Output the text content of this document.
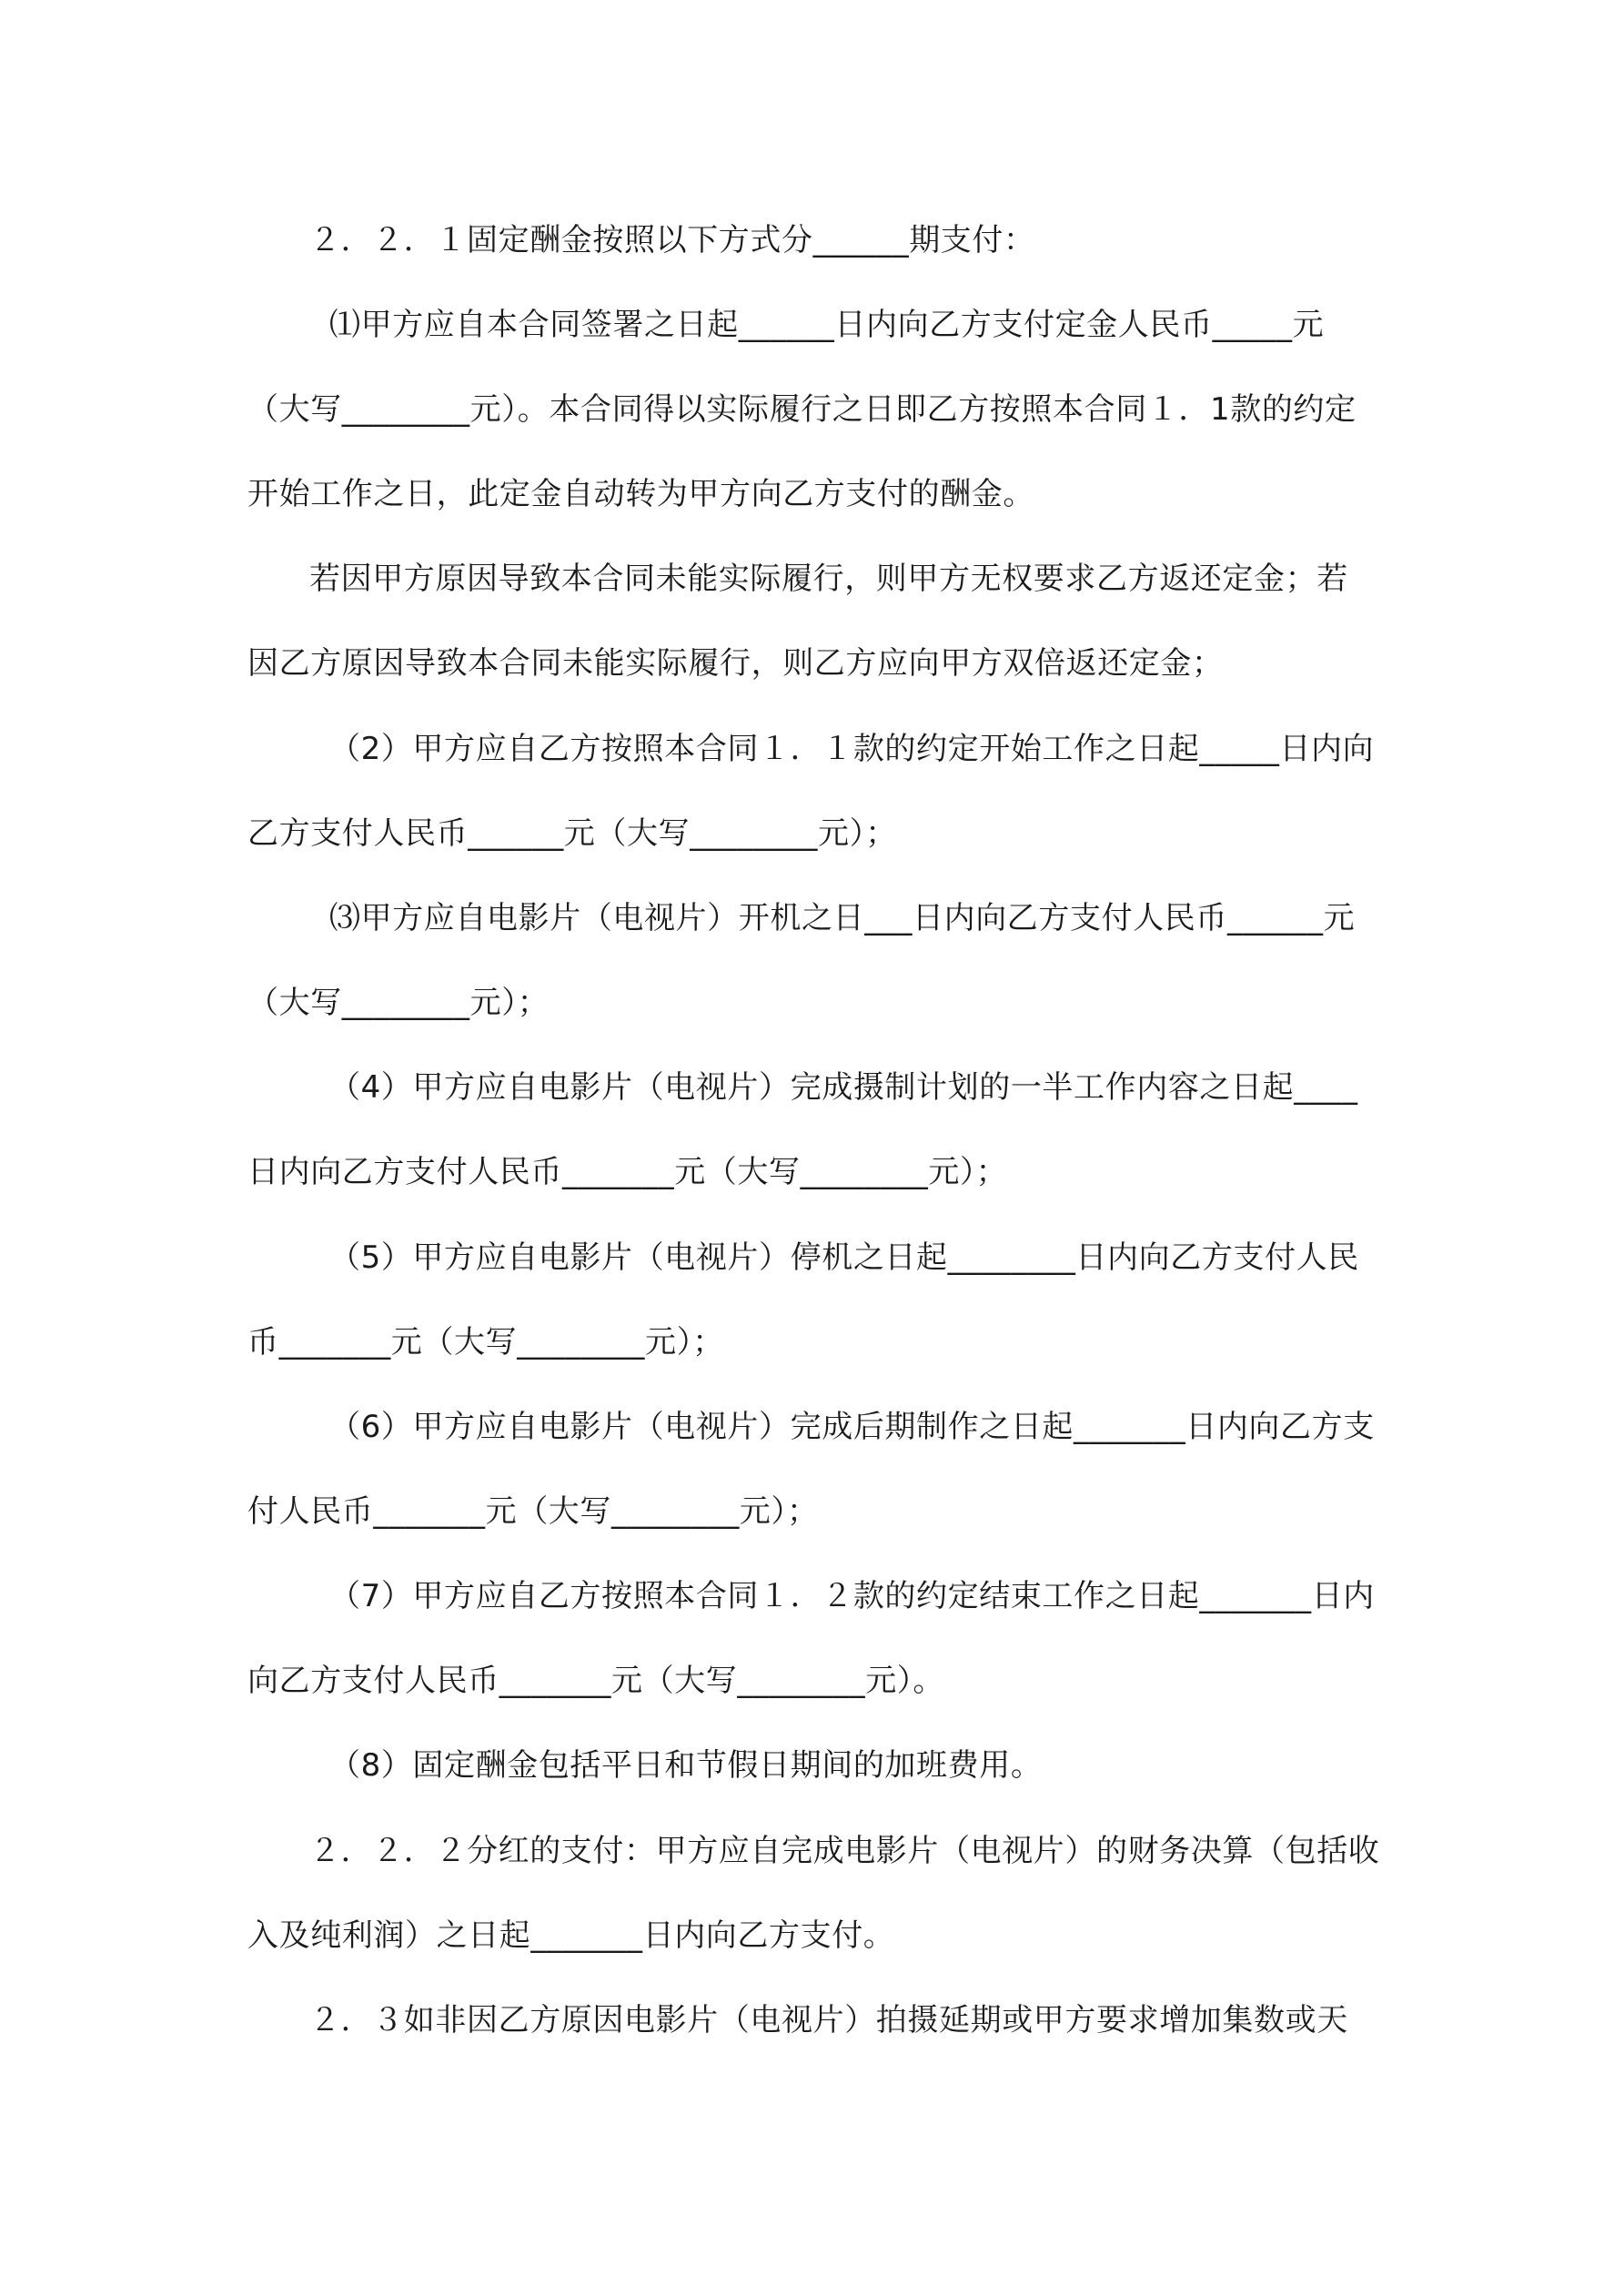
２．２．１固定酬金按照以下方式分______期支付：
⑴甲方应自本合同签署之日起______日内向乙方支付定金人民币_____元
（大写________元）。本合同得以实际履行之日即乙方按照本合同１．1款的约定
开始工作之日，此定金自动转为甲方向乙方支付的酬金。
若因甲方原因导致本合同未能实际履行，则甲方无权要求乙方返还定金；若
因乙方原因导致本合同未能实际履行，则乙方应向甲方双倍返还定金；
（2）甲方应自乙方按照本合同１．１款的约定开始工作之日起_____日内向
乙方支付人民币______元（大写________元）；
⑶甲方应自电影片（电视片）开机之日___日内向乙方支付人民币______元
（大写________元）；
（4）甲方应自电影片（电视片）完成摄制计划的一半工作内容之日起____
日内向乙方支付人民币_______元（大写________元）；
（5）甲方应自电影片（电视片）停机之日起________日内向乙方支付人民
币_______元（大写________元）；
（6）甲方应自电影片（电视片）完成后期制作之日起_______日内向乙方支
付人民币_______元（大写________元）；
（7）甲方应自乙方按照本合同１．２款的约定结束工作之日起_______日内
向乙方支付人民币_______元（大写________元）。
（8）固定酬金包括平日和节假日期间的加班费用。
２．２．２分红的支付：甲方应自完成电影片（电视片）的财务决算（包括收
入及纯利润）之日起_______日内向乙方支付。
２．３如非因乙方原因电影片（电视片）拍摄延期或甲方要求增加集数或天
